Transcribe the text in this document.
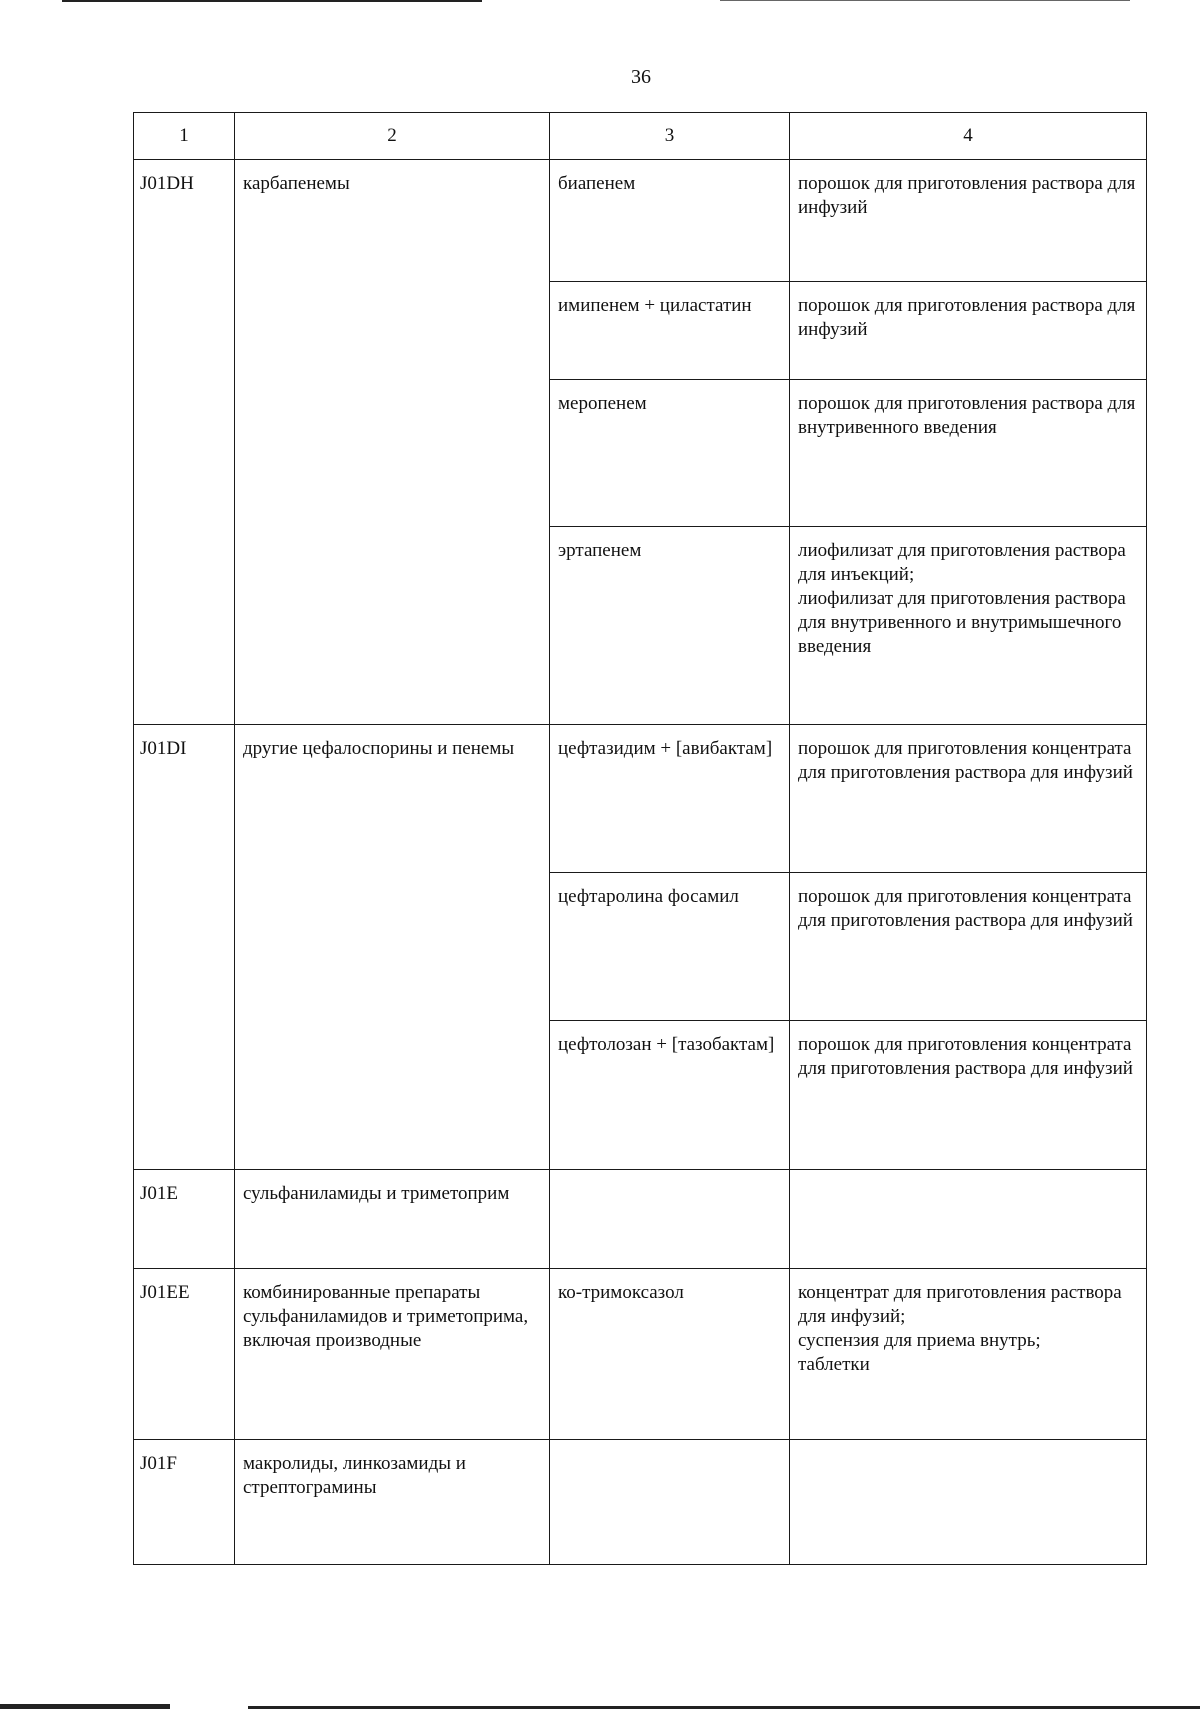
36
1	2	3	4
J01DH	карбапенемы	биапенем	порошок для приготовления раствора для инфузий
		имипенем + циластатин	порошок для приготовления раствора для инфузий
		меропенем	порошок для приготовления раствора для внутривенного введения
		эртапенем	лиофилизат для приготовления раствора для инъекций;
лиофилизат для приготовления раствора для внутривенного и внутримышечного введения
J01DI	другие цефалоспорины и пенемы	цефтазидим + [авибактам]	порошок для приготовления концентрата для приготовления раствора для инфузий
		цефтаролина фосамил	порошок для приготовления концентрата для приготовления раствора для инфузий
		цефтолозан + [тазобактам]	порошок для приготовления концентрата для приготовления раствора для инфузий
J01E	сульфаниламиды и триметоприм		
J01EE	комбинированные препараты сульфаниламидов и триметоприма, включая производные	ко-тримоксазол	концентрат для приготовления раствора для инфузий;
суспензия для приема внутрь;
таблетки
J01F	макролиды, линкозамиды и стрептограмины		
